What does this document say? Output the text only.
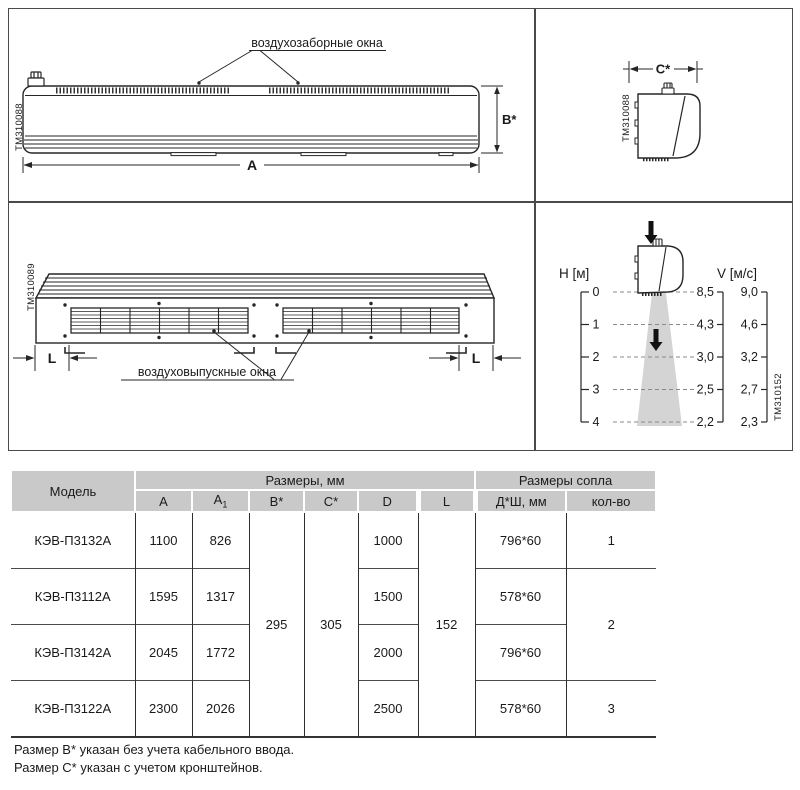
воздухозаборные окна
B*
A
ТМ310088
C*
ТМ310088
L	L
воздуховыпускные окна
ТМ310089	Н [м]	V [м/с]
0
1
2
3
4
8,5
4,3
3,0
2,5
2,2
9,0
4,6
3,2
2,7
2,3
ТМ310152
Модель	Размеры, мм						Размеры сопла	
	А	$А_1$	В*	С*	D	L	Д*Ш, мм	кол-во
КЭВ-П3132А	1100	826	295	305	1000	152	796*60	1
КЭВ-П3112А	1595	1317			1500		578*60	2
КЭВ-П3142А	2045	1772			2000		796*60	
КЭВ-П3122А	2300	2026			2500		578*60	3
Размер В* указан без учета кабельного ввода.
Размер С* указан с учетом кронштейнов.
